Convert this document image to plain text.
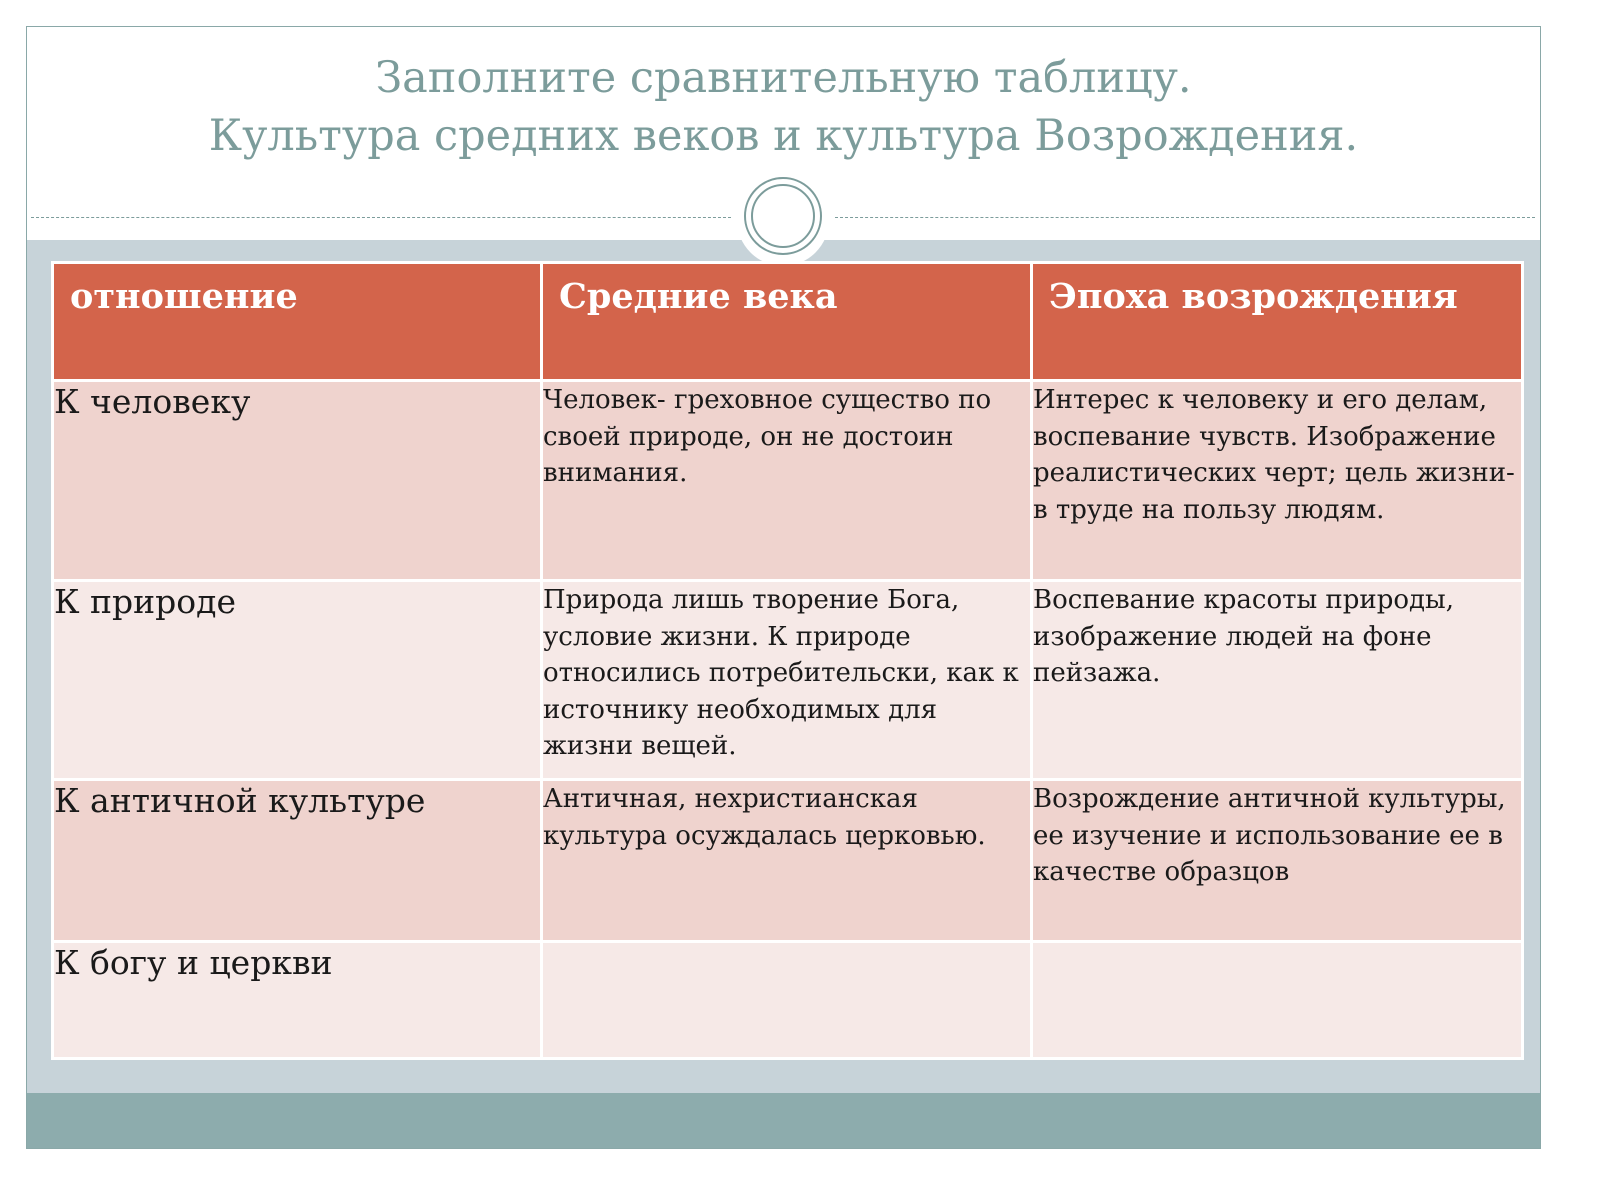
Заполните сравнительную таблицу.
Культура средних веков и культура Возрождения.
отношение	Средние века	Эпоха возрождения
К человеку	Человек- греховное существо по своей природе, он не достоин внимания.	Интерес к человеку и его делам, воспевание чувств. Изображение реалистических черт; цель жизни- в труде на пользу людям.
К природе	Природа лишь творение Бога, условие жизни. К природе относились потребительски, как к источнику необходимых для жизни вещей.	Воспевание красоты природы, изображение людей на фоне пейзажа.
К античной культуре	Античная, нехристианская культура осуждалась церковью.	Возрождение античной культуры, ее изучение и использование ее в качестве образцов
К богу и церкви		
